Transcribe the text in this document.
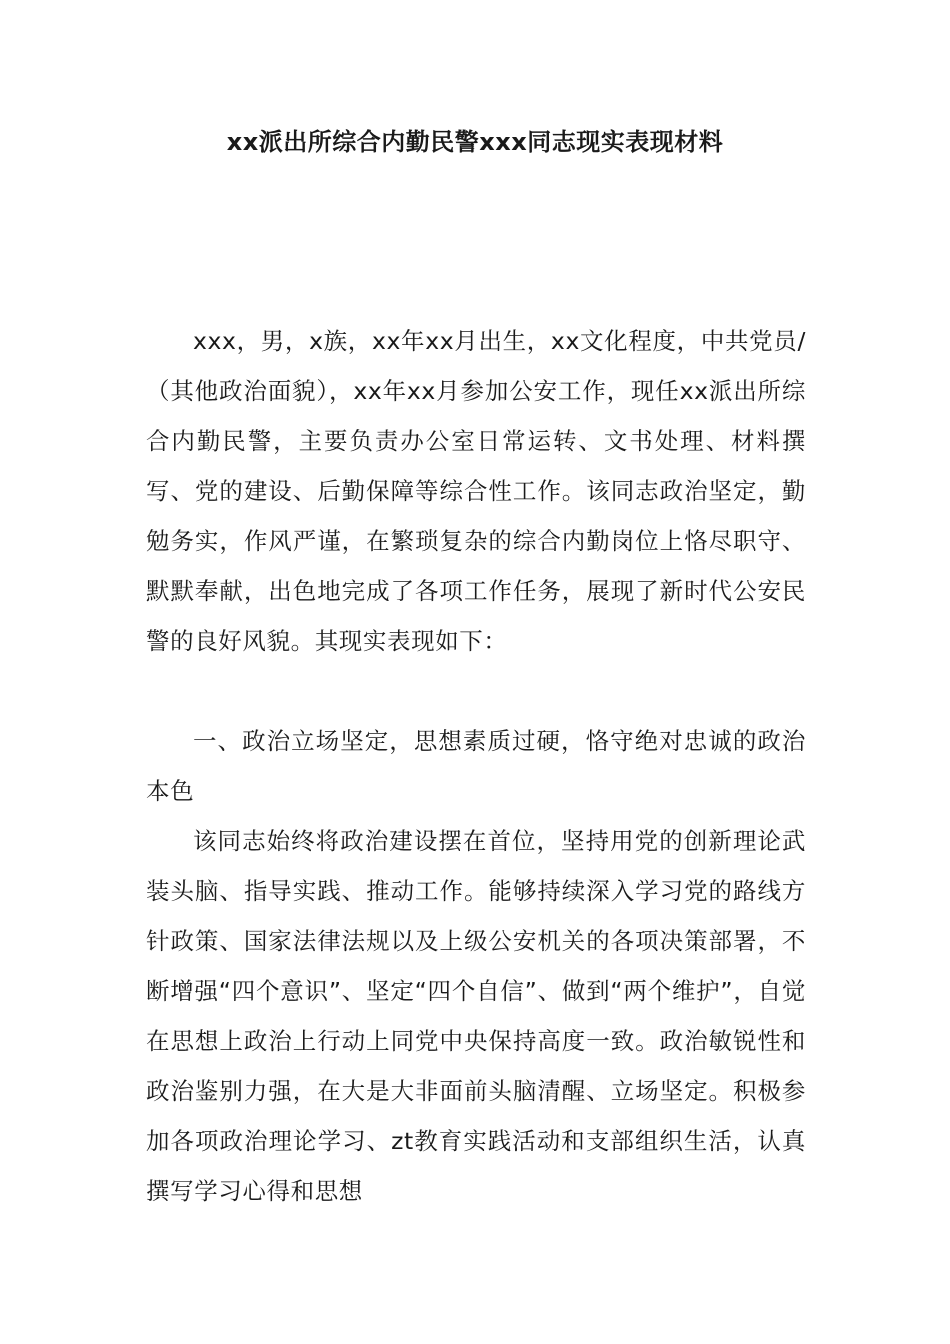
xx派出所综合内勤民警xxx同志现实表现材料

xxx，男，x族，xx年xx月出生，xx文化程度，中共党员/（其他政治面貌），xx年xx月参加公安工作，现任xx派出所综合内勤民警，主要负责办公室日常运转、文书处理、材料撰写、党的建设、后勤保障等综合性工作。该同志政治坚定，勤勉务实，作风严谨，在繁琐复杂的综合内勤岗位上恪尽职守、默默奉献，出色地完成了各项工作任务，展现了新时代公安民警的良好风貌。其现实表现如下：

一、政治立场坚定，思想素质过硬，恪守绝对忠诚的政治本色

该同志始终将政治建设摆在首位，坚持用党的创新理论武装头脑、指导实践、推动工作。能够持续深入学习党的路线方针政策、国家法律法规以及上级公安机关的各项决策部署，不断增强“四个意识”、坚定“四个自信”、做到“两个维护”，自觉在思想上政治上行动上同党中央保持高度一致。政治敏锐性和政治鉴别力强，在大是大非面前头脑清醒、立场坚定。积极参加各项政治理论学习、zt教育实践活动和支部组织生活，认真撰写学习心得和思想
